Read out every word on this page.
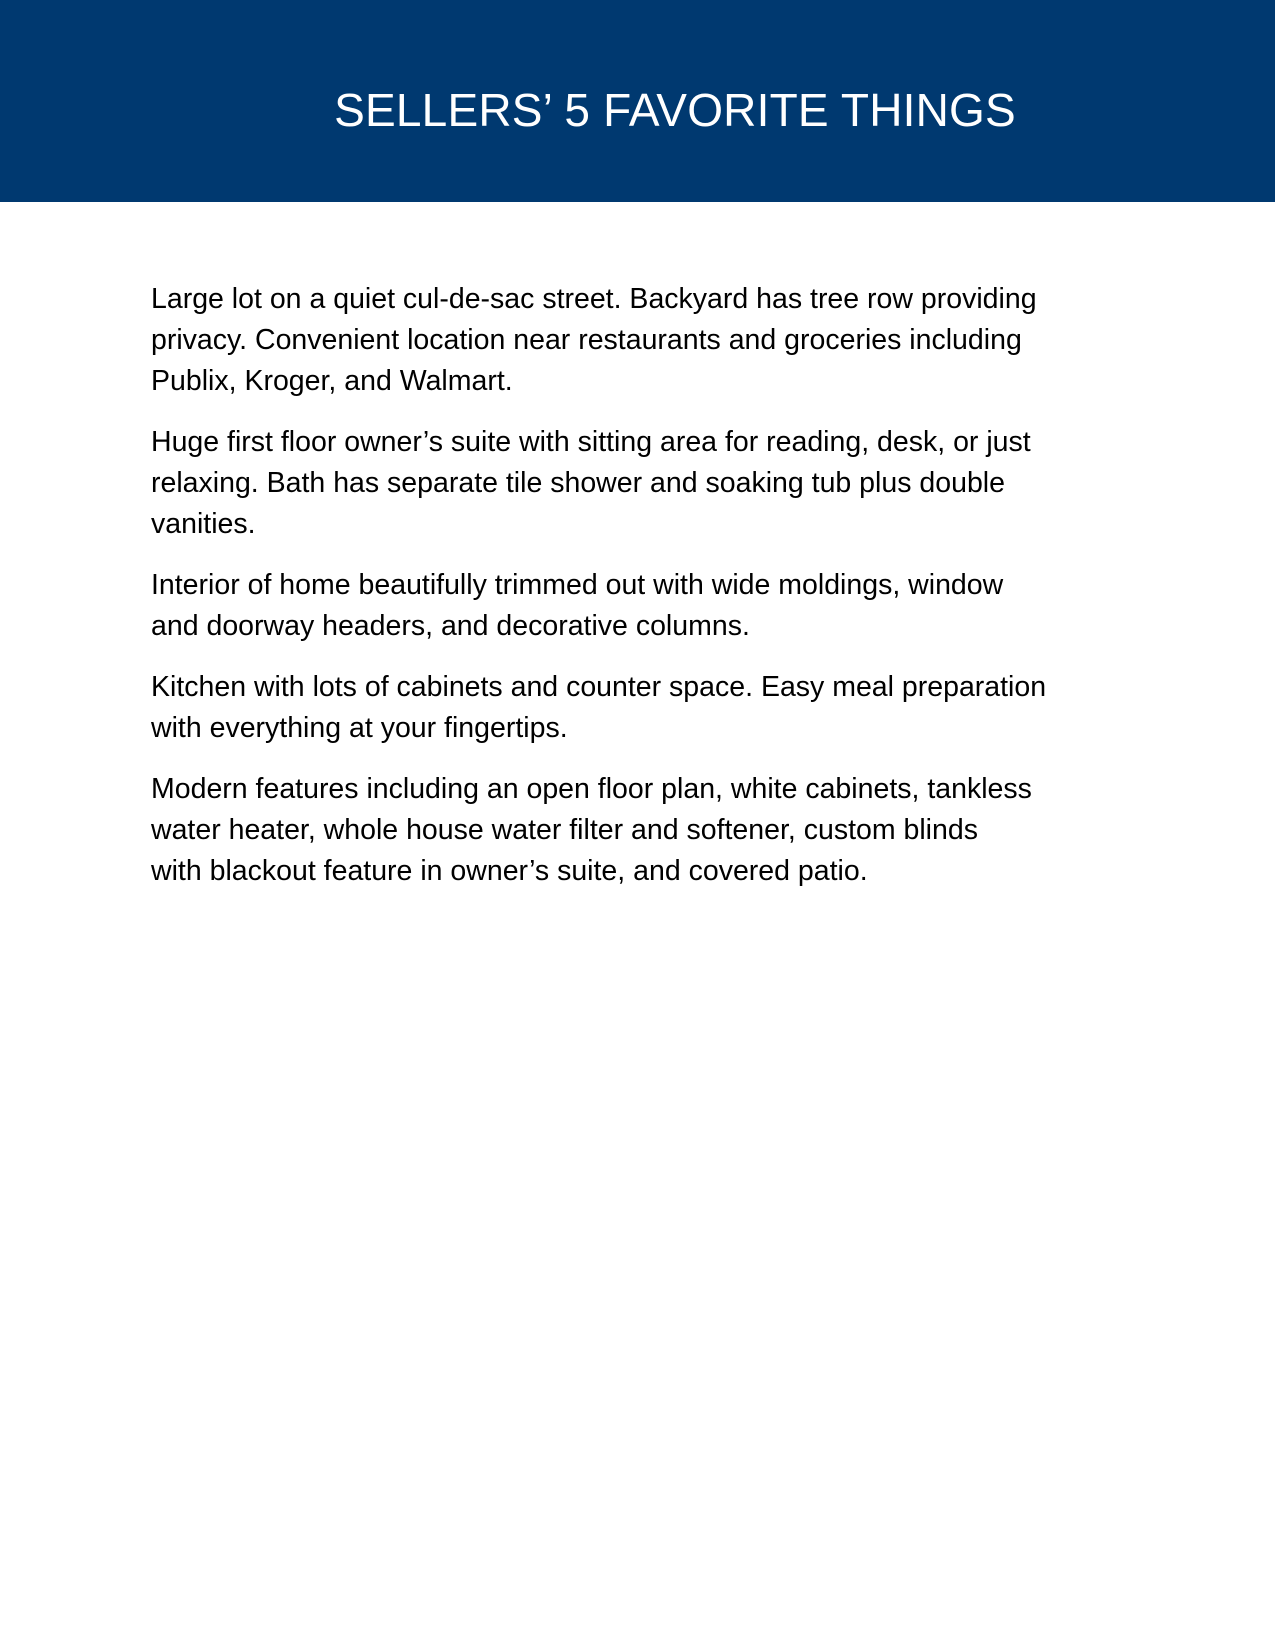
SELLERS’ 5 FAVORITE THINGS

Large lot on a quiet cul-de-sac street. Backyard has tree row providing
privacy. Convenient location near restaurants and groceries including
Publix, Kroger, and Walmart.

Huge first floor owner’s suite with sitting area for reading, desk, or just
relaxing. Bath has separate tile shower and soaking tub plus double
vanities.

Interior of home beautifully trimmed out with wide moldings, window
and doorway headers, and decorative columns.

Kitchen with lots of cabinets and counter space. Easy meal preparation
with everything at your fingertips.

Modern features including an open floor plan, white cabinets, tankless
water heater, whole house water filter and softener, custom blinds
with blackout feature in owner’s suite, and covered patio.
